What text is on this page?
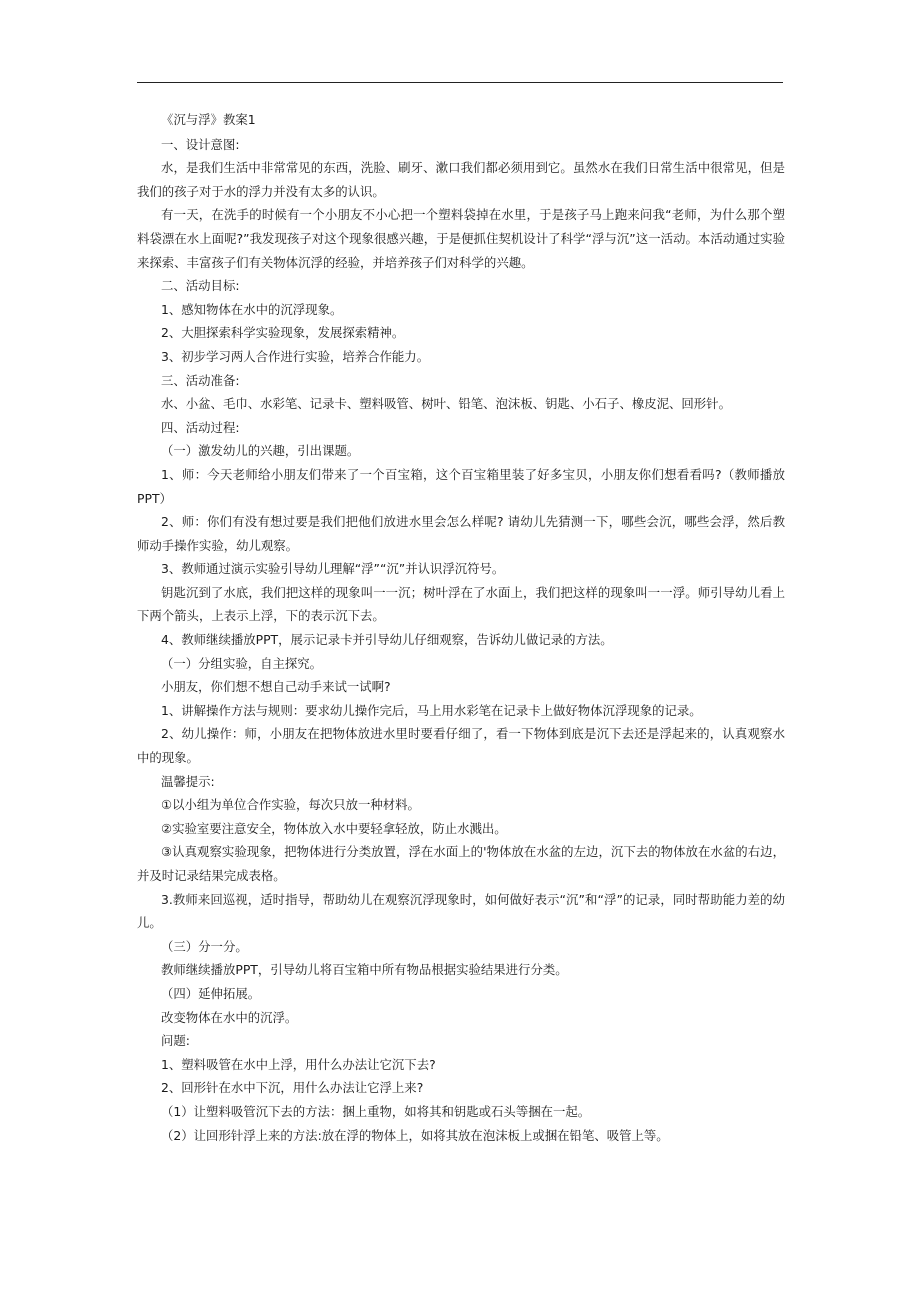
《沉与浮》教案1
一、设计意图:
水，是我们生活中非常常见的东西，洗脸、刷牙、漱口我们都必须用到它。虽然水在我们日常生活中很常见，但是我们的孩子对于水的浮力并没有太多的认识。
有一天，在洗手的时候有一个小朋友不小心把一个塑料袋掉在水里，于是孩子马上跑来问我“老师，为什么那个塑料袋漂在水上面呢?”我发现孩子对这个现象很感兴趣，于是便抓住契机设计了科学“浮与沉”这一活动。本活动通过实验来探索、丰富孩子们有关物体沉浮的经验，并培养孩子们对科学的兴趣。
二、活动目标:
1、感知物体在水中的沉浮现象。
2、大胆探索科学实验现象，发展探索精神。
3、初步学习两人合作进行实验，培养合作能力。
三、活动准备:
水、小盆、毛巾、水彩笔、记录卡、塑料吸管、树叶、铅笔、泡沫板、钥匙、小石子、橡皮泥、回形针。
四、活动过程:
（一）激发幼儿的兴趣，引出课题。
1、师：今天老师给小朋友们带来了一个百宝箱，这个百宝箱里装了好多宝贝，小朋友你们想看看吗?（教师播放PPT）
2、师：你们有没有想过要是我们把他们放进水里会怎么样呢? 请幼儿先猜测一下，哪些会沉，哪些会浮，然后教师动手操作实验，幼儿观察。
3、教师通过演示实验引导幼儿理解“浮”“沉”并认识浮沉符号。
钥匙沉到了水底，我们把这样的现象叫一一沉；树叶浮在了水面上，我们把这样的现象叫一一浮。师引导幼儿看上下两个箭头，上表示上浮，下的表示沉下去。
4、教师继续播放PPT，展示记录卡并引导幼儿仔细观察，告诉幼儿做记录的方法。
（一）分组实验，自主探究。
小朋友，你们想不想自己动手来试一试啊?
1、讲解操作方法与规则：要求幼儿操作完后，马上用水彩笔在记录卡上做好物体沉浮现象的记录。
2、幼儿操作：师，小朋友在把物体放进水里时要看仔细了，看一下物体到底是沉下去还是浮起来的，认真观察水中的现象。
温馨提示:
①以小组为单位合作实验，每次只放一种材料。
②实验室要注意安全，物体放入水中要轻拿轻放，防止水溅出。
③认真观察实验现象，把物体进行分类放置，浮在水面上的'物体放在水盆的左边，沉下去的物体放在水盆的右边，并及时记录结果完成表格。
3.教师来回巡视，适时指导，帮助幼儿在观察沉浮现象时，如何做好表示“沉”和“浮”的记录，同时帮助能力差的幼儿。
（三）分一分。
教师继续播放PPT，引导幼儿将百宝箱中所有物品根据实验结果进行分类。
（四）延伸拓展。
改变物体在水中的沉浮。
问题:
1、塑料吸管在水中上浮，用什么办法让它沉下去?
2、回形针在水中下沉，用什么办法让它浮上来?
（1）让塑料吸管沉下去的方法：捆上重物，如将其和钥匙或石头等捆在一起。
（2）让回形针浮上来的方法:放在浮的物体上，如将其放在泡沫板上或捆在铅笔、吸管上等。
